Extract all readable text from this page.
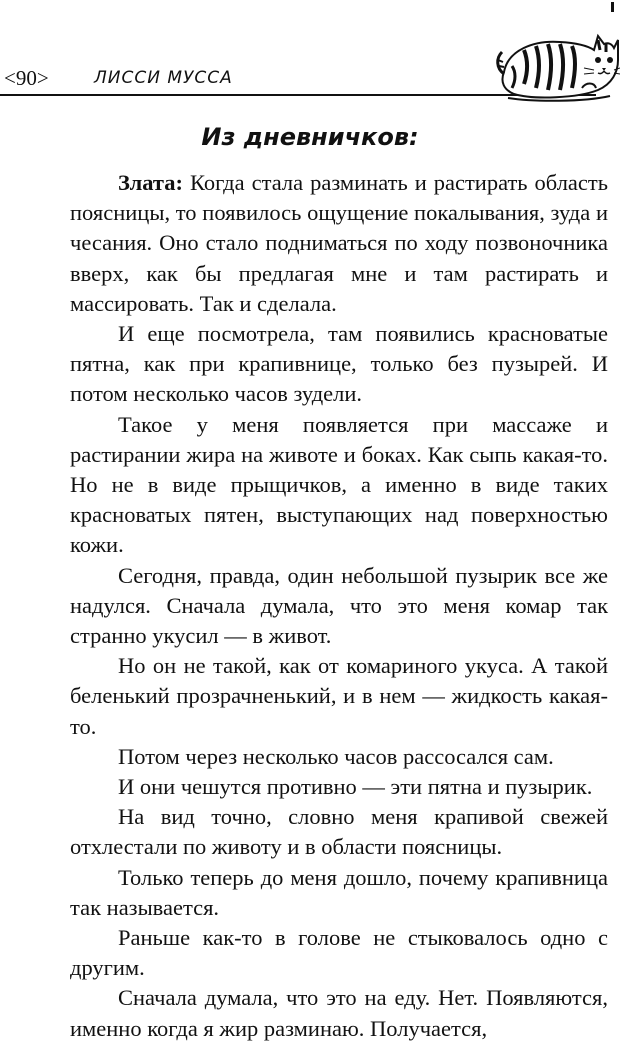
<90>	ЛИССИ МУССА
Из дневничков:

Злата: Когда стала разминать и растирать область поясницы, то появилось ощущение покалывания, зуда и чесания. Оно стало подниматься по ходу позвоночника вверх, как бы предлагая мне и там растирать и массировать. Так и сделала.

И еще посмотрела, там появились красноватые пятна, как при крапивнице, только без пузырей. И потом несколько часов зудели.

Такое у меня появляется при массаже и растирании жира на животе и боках. Как сыпь какая-то. Но не в виде прыщичков, а именно в виде таких красноватых пятен, выступающих над поверхностью кожи.

Сегодня, правда, один небольшой пузырик все же надулся. Сначала думала, что это меня комар так странно укусил — в живот.

Но он не такой, как от комариного укуса. А такой беленький прозрачненький, и в нем — жидкость какая-то.

Потом через несколько часов рассосался сам.

И они чешутся противно — эти пятна и пузырик.

На вид точно, словно меня крапивой свежей отхлестали по животу и в области поясницы.

Только теперь до меня дошло, почему крапивница так называется.

Раньше как-то в голове не стыковалось одно с другим.

Сначала думала, что это на еду. Нет. Появляются, именно когда я жир разминаю. Получается,
